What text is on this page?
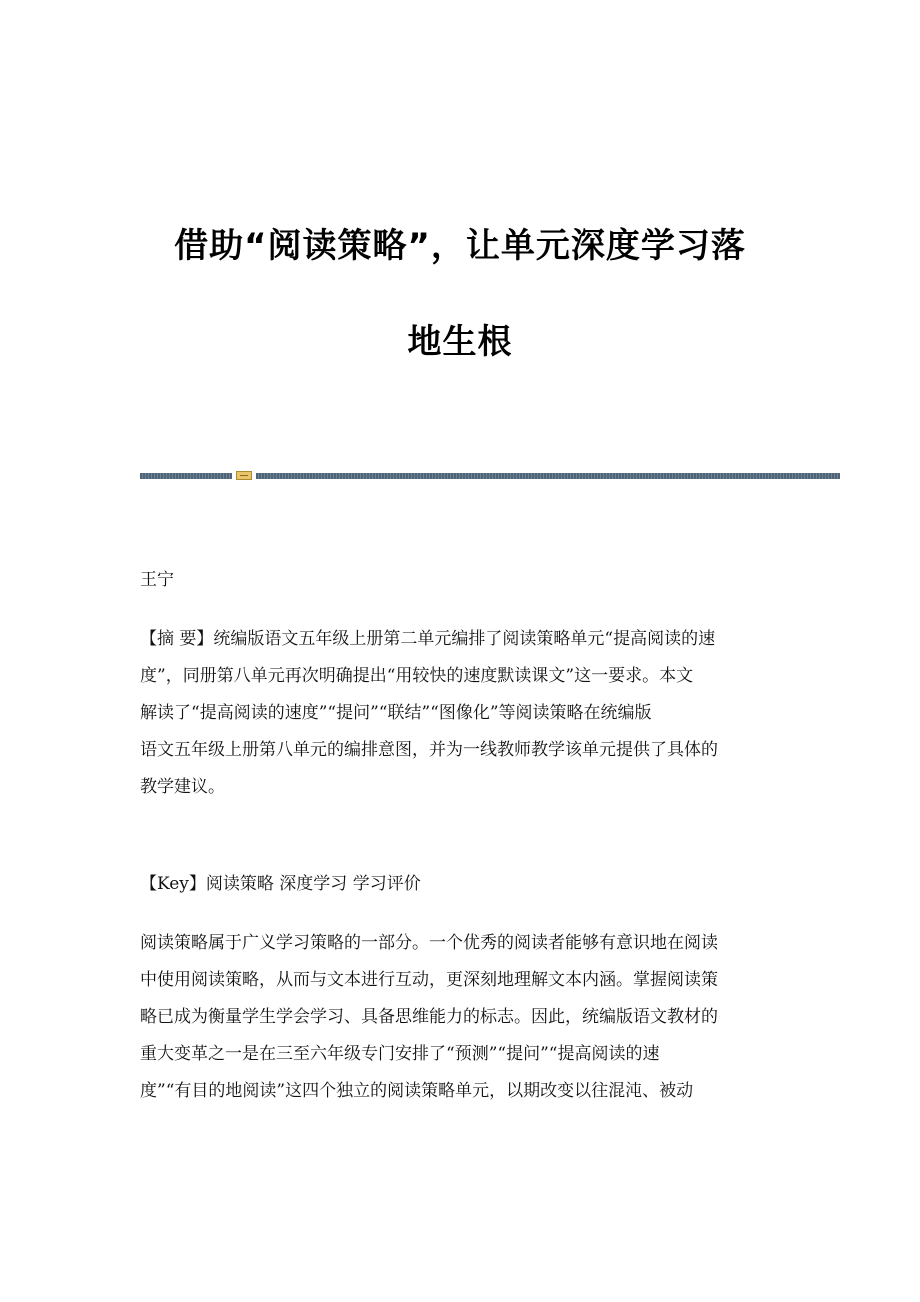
借助“阅读策略”，让单元深度学习落
地生根
王宁
【摘 要】统编版语文五年级上册第二单元编排了阅读策略单元“提高阅读的速
度”，同册第八单元再次明确提出“用较快的速度默读课文”这一要求。本文
解读了“提高阅读的速度”“提问”“联结”“图像化”等阅读策略在统编版
语文五年级上册第八单元的编排意图，并为一线教师教学该单元提供了具体的
教学建议。
【Key】阅读策略 深度学习 学习评价
阅读策略属于广义学习策略的一部分。一个优秀的阅读者能够有意识地在阅读
中使用阅读策略，从而与文本进行互动，更深刻地理解文本内涵。掌握阅读策
略已成为衡量学生学会学习、具备思维能力的标志。因此，统编版语文教材的
重大变革之一是在三至六年级专门安排了“预测”“提问”“提高阅读的速
度”“有目的地阅读”这四个独立的阅读策略单元，以期改变以往混沌、被动
